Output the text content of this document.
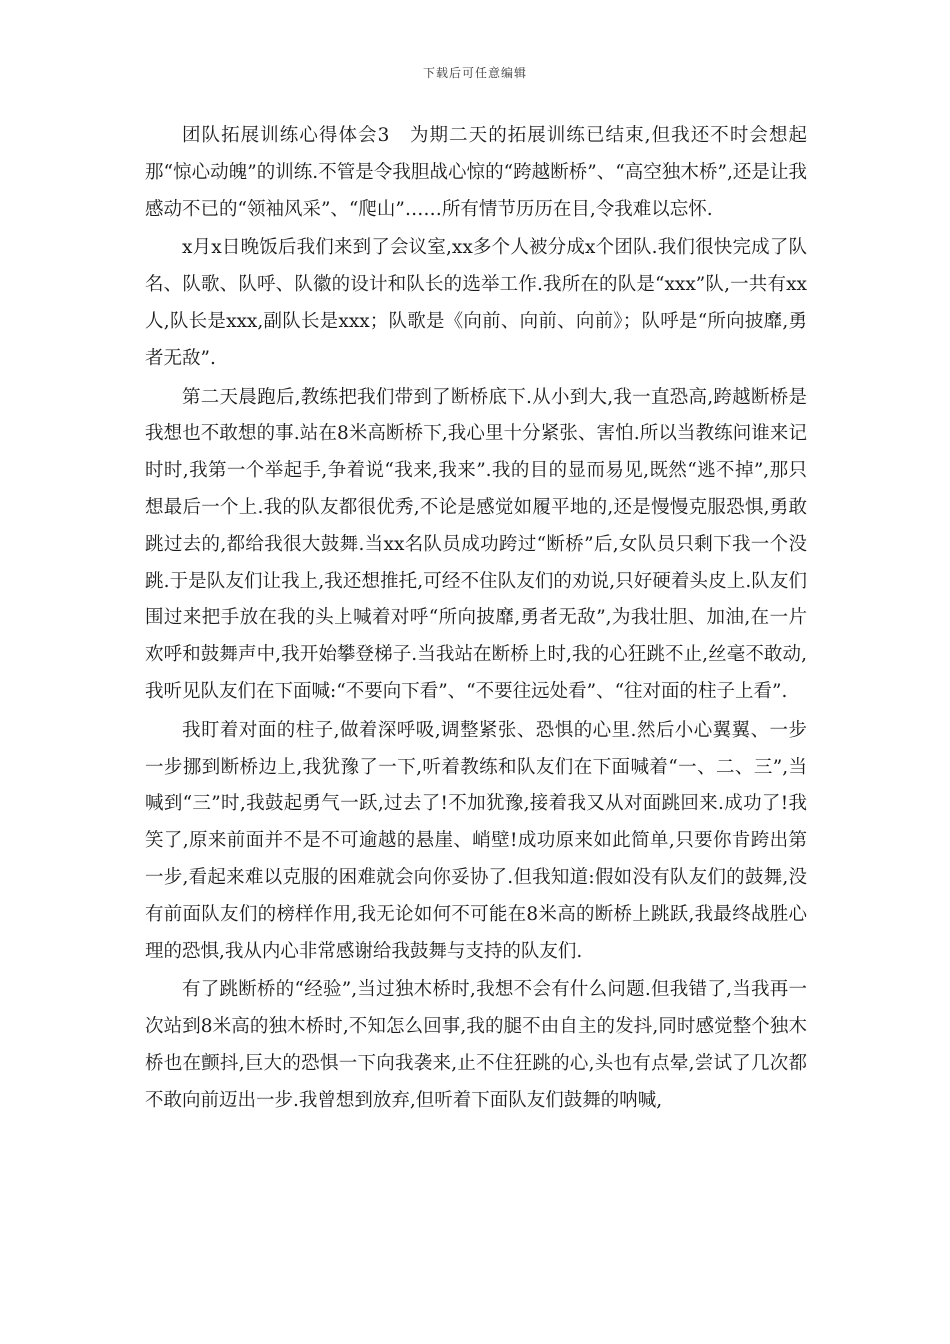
下载后可任意编辑

团队拓展训练心得体会3　为期二天的拓展训练已结束,但我还不时会想起那“惊心动魄”的训练.不管是令我胆战心惊的“跨越断桥”、“高空独木桥”,还是让我感动不已的“领袖风采”、“爬山”……所有情节历历在目,令我难以忘怀.

x月x日晚饭后我们来到了会议室,xx多个人被分成x个团队.我们很快完成了队名、队歌、队呼、队徽的设计和队长的选举工作.我所在的队是“xxx”队,一共有xx人,队长是xxx,副队长是xxx；队歌是《向前、向前、向前》；队呼是“所向披靡,勇者无敌”.

第二天晨跑后,教练把我们带到了断桥底下.从小到大,我一直恐高,跨越断桥是我想也不敢想的事.站在8米高断桥下,我心里十分紧张、害怕.所以当教练问谁来记时时,我第一个举起手,争着说“我来,我来”.我的目的显而易见,既然“逃不掉”,那只想最后一个上.我的队友都很优秀,不论是感觉如履平地的,还是慢慢克服恐惧,勇敢跳过去的,都给我很大鼓舞.当xx名队员成功跨过“断桥”后,女队员只剩下我一个没跳.于是队友们让我上,我还想推托,可经不住队友们的劝说,只好硬着头皮上.队友们围过来把手放在我的头上喊着对呼“所向披靡,勇者无敌”,为我壮胆、加油,在一片欢呼和鼓舞声中,我开始攀登梯子.当我站在断桥上时,我的心狂跳不止,丝毫不敢动,我听见队友们在下面喊:“不要向下看”、“不要往远处看”、“往对面的柱子上看”.

我盯着对面的柱子,做着深呼吸,调整紧张、恐惧的心里.然后小心翼翼、一步一步挪到断桥边上,我犹豫了一下,听着教练和队友们在下面喊着“一、二、三”,当喊到“三”时,我鼓起勇气一跃,过去了!不加犹豫,接着我又从对面跳回来.成功了!我笑了,原来前面并不是不可逾越的悬崖、峭壁!成功原来如此简单,只要你肯跨出第一步,看起来难以克服的困难就会向你妥协了.但我知道:假如没有队友们的鼓舞,没有前面队友们的榜样作用,我无论如何不可能在8米高的断桥上跳跃,我最终战胜心理的恐惧,我从内心非常感谢给我鼓舞与支持的队友们.

有了跳断桥的“经验”,当过独木桥时,我想不会有什么问题.但我错了,当我再一次站到8米高的独木桥时,不知怎么回事,我的腿不由自主的发抖,同时感觉整个独木桥也在颤抖,巨大的恐惧一下向我袭来,止不住狂跳的心,头也有点晕,尝试了几次都不敢向前迈出一步.我曾想到放弃,但听着下面队友们鼓舞的呐喊,
